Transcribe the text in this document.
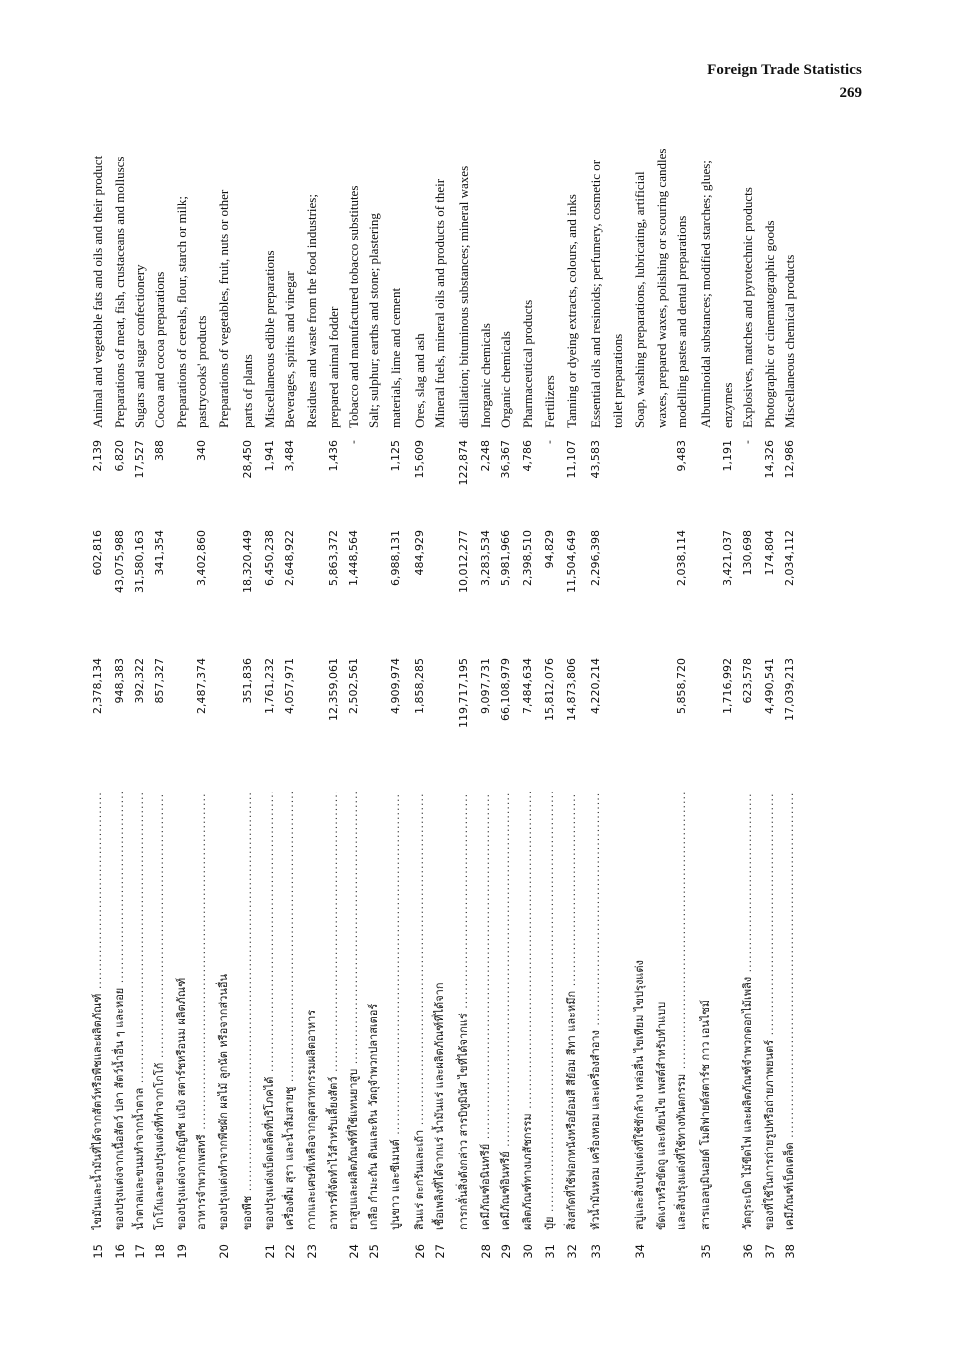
Foreign Trade Statistics
269
15
ไขมันและน้ำมันที่ได้จากสัตว์หรือพืชและผลิตภัณฑ์ .....
2,378,134
602,816
2,139
Animal and vegetable fats and oils and their product
16
ของปรุงแต่งจากเนื้อสัตว์ ปลา สัตว์น้ำอื่น ๆ และหอย .....
948,383
43,075,988
6,820
Preparations of meat, fish, crustaceans and molluscs
17
น้ำตาลและขนมทำจากน้ำตาล .....
392,322
31,580,163
17,527
Sugars and sugar confectionery
18
โกโก้และของปรุงแต่งที่ทำจากโกโก้ .....
857,327
341,354
388
Cocoa and cocoa preparations
19
ของปรุงแต่งจากธัญพืช แป้ง สตาร์ชหรือนม ผลิตภัณฑ์
Preparations of cereals, flour, starch or milk;
อาหารจำพวกเพสทรี .....
2,487,374
3,402,860
340
pastrycooks' products
20
ของปรุงแต่งทำจากพืชผัก ผลไม้ ลูกนัต หรือจากส่วนอื่น
Preparations of vegetables, fruit, nuts or other
ของพืช .....
351,836
18,320,449
28,450
parts of plants
21
ของปรุงแต่งเบ็ดเตล็ดที่บริโภคได้ .....
1,761,232
6,450,238
1,941
Miscellaneous edible preparations
22
เครื่องดื่ม สุรา และน้ำส้มสายชู .....
4,057,971
2,648,922
3,484
Beverages, spirits and vinegar
23
กากและเศษที่เหลือจากอุตสาหกรรมผลิตอาหาร
Residues and waste from the food industries;
อาหารที่จัดทำไว้สำหรับเลี้ยงสัตว์ .....
12,359,061
5,863,372
1,436
prepared animal fodder
24
ยาสูบและผลิตภัณฑ์ที่ใช้แทนยาสูบ .....
2,502,561
1,448,564
-
Tobacco and manufactured tobacco substitutes
25
เกลือ กำมะถัน ดินและหิน วัตถุจำพวกปลาสเตอร์
Salt; sulphur; earths and stone; plastering
ปูนขาว และซีเมนต์ .....
4,909,974
6,988,131
1,125
materials, lime and cement
26
สินแร่ ตะกรันและเถ้า .....
1,858,285
484,929
15,609
Ores, slag and ash
27
เชื้อเพลิงที่ได้จากแร่ น้ำมันแร่ และผลิตภัณฑ์ที่ได้จาก
Mineral fuels, mineral oils and products of their
การกลั่นสิ่งดังกล่าว สารบิทูมินัส ไขที่ได้จากแร่ .....
119,717,195
10,012,277
122,874
distillation; bituminous substances; mineral waxes
28
เคมีภัณฑ์อนินทรีย์ .....
9,097,731
3,283,534
2,248
Inorganic chemicals
29
เคมีภัณฑ์อินทรีย์ .....
66,108,979
5,981,966
36,367
Organic chemicals
30
ผลิตภัณฑ์ทางเภสัชกรรม .....
7,484,634
2,398,510
4,786
Pharmaceutical products
31
ปุ๋ย .....
15,812,076
94,829
-
Fertilizers
32
สิ่งสกัดที่ใช้ฟอกหนังหรือย้อมสี สีย้อม สีทา และหมึก .....
14,873,806
11,504,649
11,107
Tanning or dyeing extracts, colours, and inks
33
หัวน้ำมันหอม เครื่องหอม และเครื่องสำอาง .....
4,220,214
2,296,398
43,583
Essential oils and resinoids; perfumery, cosmetic or toilet preparations
34
สบู่และสิ่งปรุงแต่งที่ใช้ซักล้าง หล่อลื่น ไขเทียม ไขปรุงแต่ง
Soap, washing preparations, lubricating, artificial
ขัดเงาหรือขัดถู และเทียนไข เพสต์สำหรับทำแบบ
waxes, prepared waxes, polishing or scouring candles
และสิ่งปรุงแต่งที่ใช้ทางทันตกรรม .....
5,858,720
2,038,114
9,483
modelling pastes and dental preparations
35
สารแอลบูมินอยด์ โมดิฟายด์สตาร์ช กาว เอนไซม์
Albuminoidal substances; modified starches; glues;
1,716,992
3,421,037
1,191
enzymes
36
วัตถุระเบิด ไม้ขีดไฟ และผลิตภัณฑ์จำพวกดอกไม้เพลิง .....
623,578
130,698
-
Explosives, matches and pyrotechnic products
37
ของที่ใช้ในการถ่ายรูปหรือถ่ายภาพยนตร์ .....
4,490,541
174,804
14,326
Photographic or cinematographic goods
38
เคมีภัณฑ์เบ็ดเตล็ด .....
17,039,213
2,034,112
12,986
Miscellaneous chemical products
